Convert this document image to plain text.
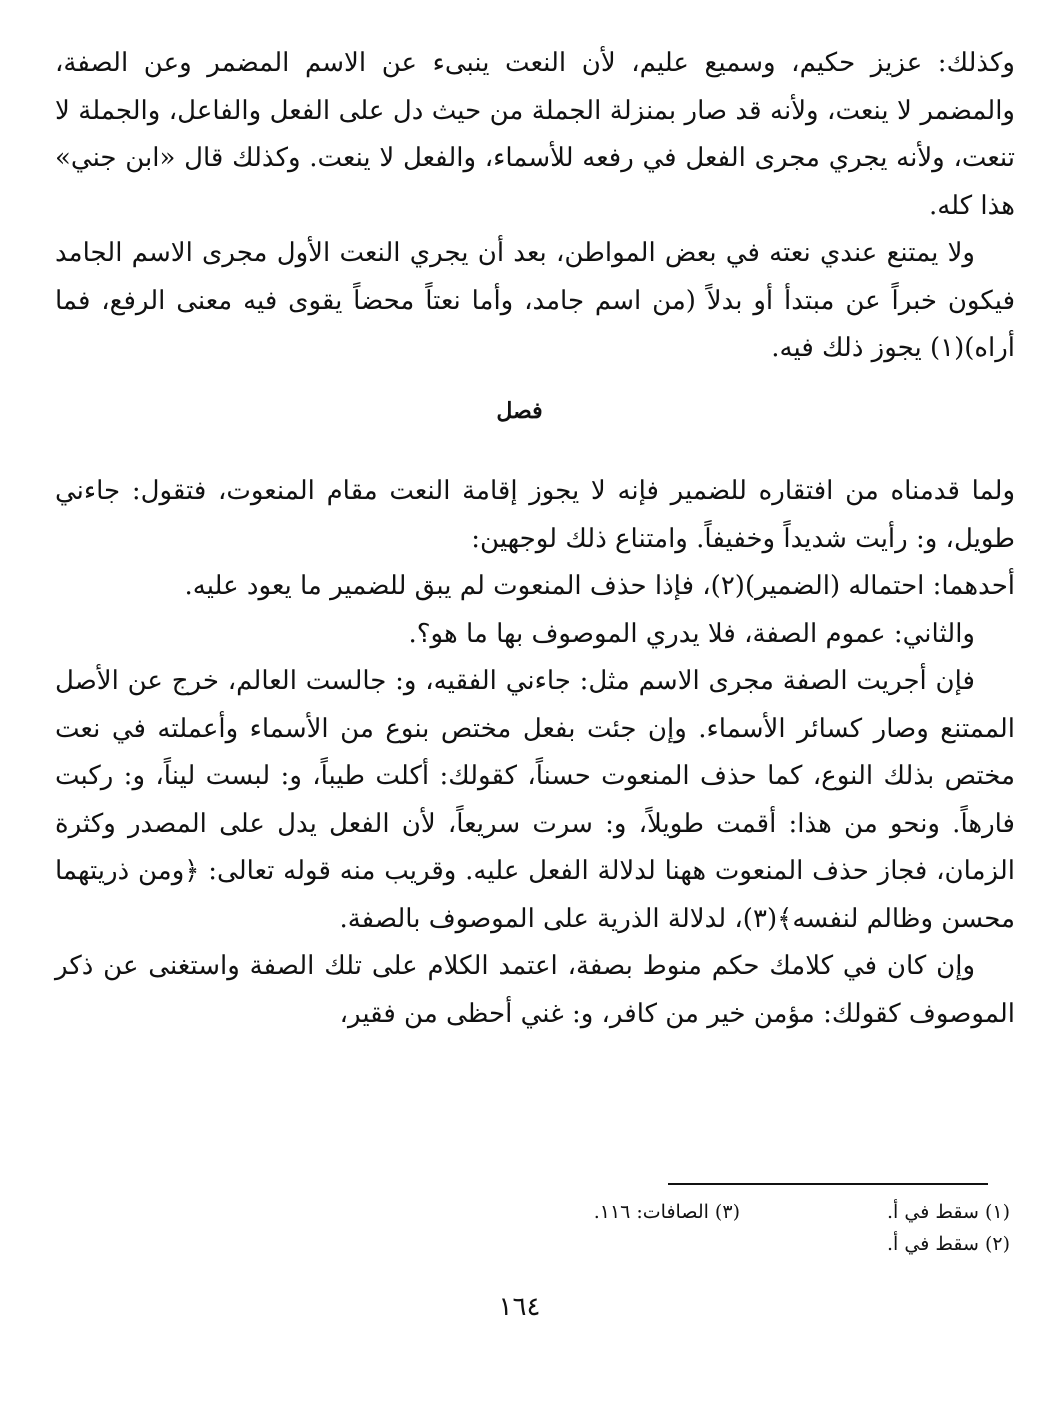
وكذلك: عزيز حكيم، وسميع عليم، لأن النعت ينبىء عن الاسم المضمر وعن الصفة، والمضمر لا ينعت، ولأنه قد صار بمنزلة الجملة من حيث دل على الفعل والفاعل، والجملة لا تنعت، ولأنه يجري مجرى الفعل في رفعه للأسماء، والفعل لا ينعت. وكذلك قال «ابن جني» هذا كله.

ولا يمتنع عندي نعته في بعض المواطن، بعد أن يجري النعت الأول مجرى الاسم الجامد فيكون خبراً عن مبتدأ أو بدلاً (من اسم جامد، وأما نعتاً محضاً يقوى فيه معنى الرفع، فما أراه)(١) يجوز ذلك فيه.

فصل

ولما قدمناه من افتقاره للضمير فإنه لا يجوز إقامة النعت مقام المنعوت، فتقول: جاءني طويل، و: رأيت شديداً وخفيفاً. وامتناع ذلك لوجهين:

أحدهما: احتماله (الضمير)(٢)، فإذا حذف المنعوت لم يبق للضمير ما يعود عليه.

والثاني: عموم الصفة، فلا يدري الموصوف بها ما هو؟.

فإن أجريت الصفة مجرى الاسم مثل: جاءني الفقيه، و: جالست العالم، خرج عن الأصل الممتنع وصار كسائر الأسماء. وإن جئت بفعل مختص بنوع من الأسماء وأعملته في نعت مختص بذلك النوع، كما حذف المنعوت حسناً، كقولك: أكلت طيباً، و: لبست ليناً، و: ركبت فارهاً. ونحو من هذا: أقمت طويلاً، و: سرت سريعاً، لأن الفعل يدل على المصدر وكثرة الزمان، فجاز حذف المنعوت ههنا لدلالة الفعل عليه. وقريب منه قوله تعالى: ﴿ومن ذريتهما محسن وظالم لنفسه﴾(٣)، لدلالة الذرية على الموصوف بالصفة.

وإن كان في كلامك حكم منوط بصفة، اعتمد الكلام على تلك الصفة واستغنى عن ذكر الموصوف كقولك: مؤمن خير من كافر، و: غني أحظى من فقير،

(١) سقط في أ.
(٢) سقط في أ.
(٣) الصافات: ١١٦.
١٦٤
